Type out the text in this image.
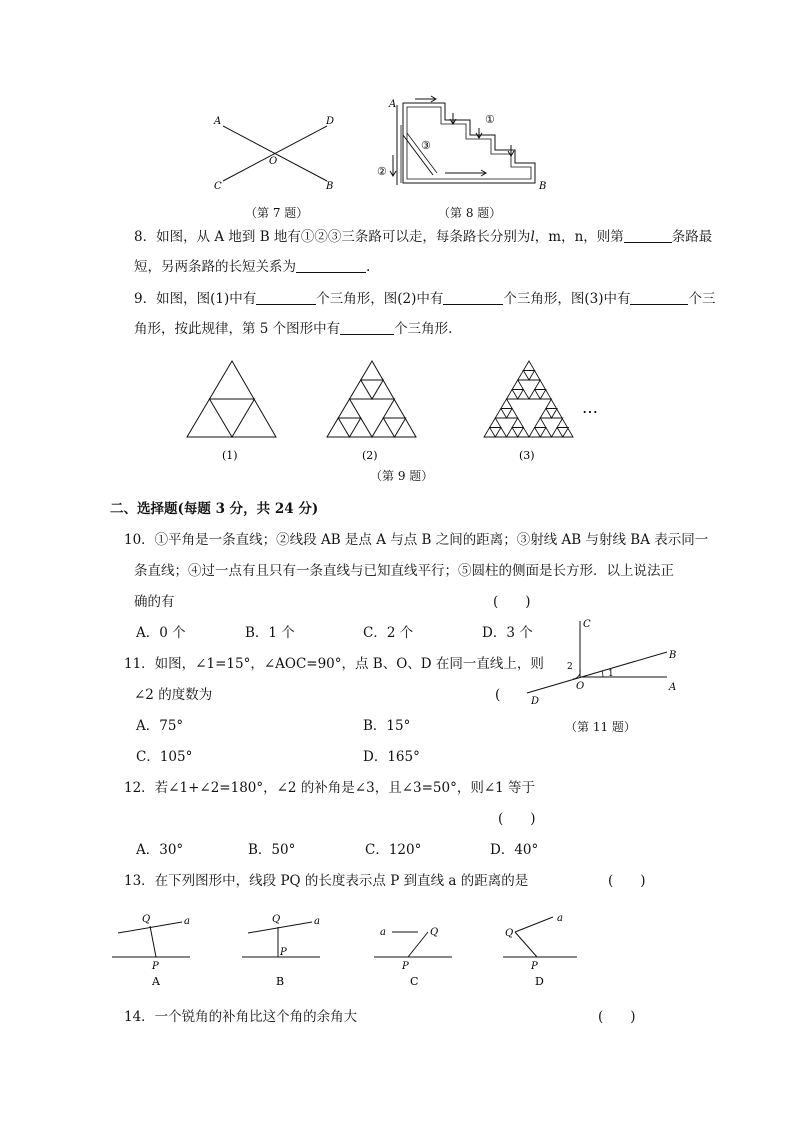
A	D
O
C	B
（第 7 题）
A
B
①
③
②
（第 8 题）
8．如图，从 A 地到 B 地有①②③三条路可以走，每条路长分别为l，m，n，则第	条路最
短，另两条路的长短关系为	.
9．如图，图(1)中有	个三角形，图(2)中有	个三角形，图(3)中有	个三
角形，按此规律，第 5 个图形中有	个三角形.
…
(1)	(2)	(3)
（第 9 题）
二、选择题(每题 3 分，共 24 分)
10．①平角是一条直线；②线段 AB 是点 A 与点 B 之间的距离；③射线 AB 与射线 BA 表示同一
条直线；④过一点有且只有一条直线与已知直线平行；⑤圆柱的侧面是长方形．以上说法正
确的有	(　　)
A．0 个	B．1 个	C．2 个	D．3 个
11．如图，∠1=15°，∠AOC=90°，点 B、O、D 在同一直线上，则
∠2 的度数为	(
A．75°	B．15°
C．105°	D．165°
C
B
A
O
D
1
2
（第 11 题）
12．若∠1+∠2=180°，∠2 的补角是∠3，且∠3=50°，则∠1 等于
(　　)
A．30°	B．50°	C．120°	D．40°
13．在下列图形中，线段 PQ 的长度表示点 P 到直线 a 的距离的是	(　　)
Q	a
P
A
Q	a
P
B
a	Q
P
C
Q
a
P
D
14．一个锐角的补角比这个角的余角大	(　　)
